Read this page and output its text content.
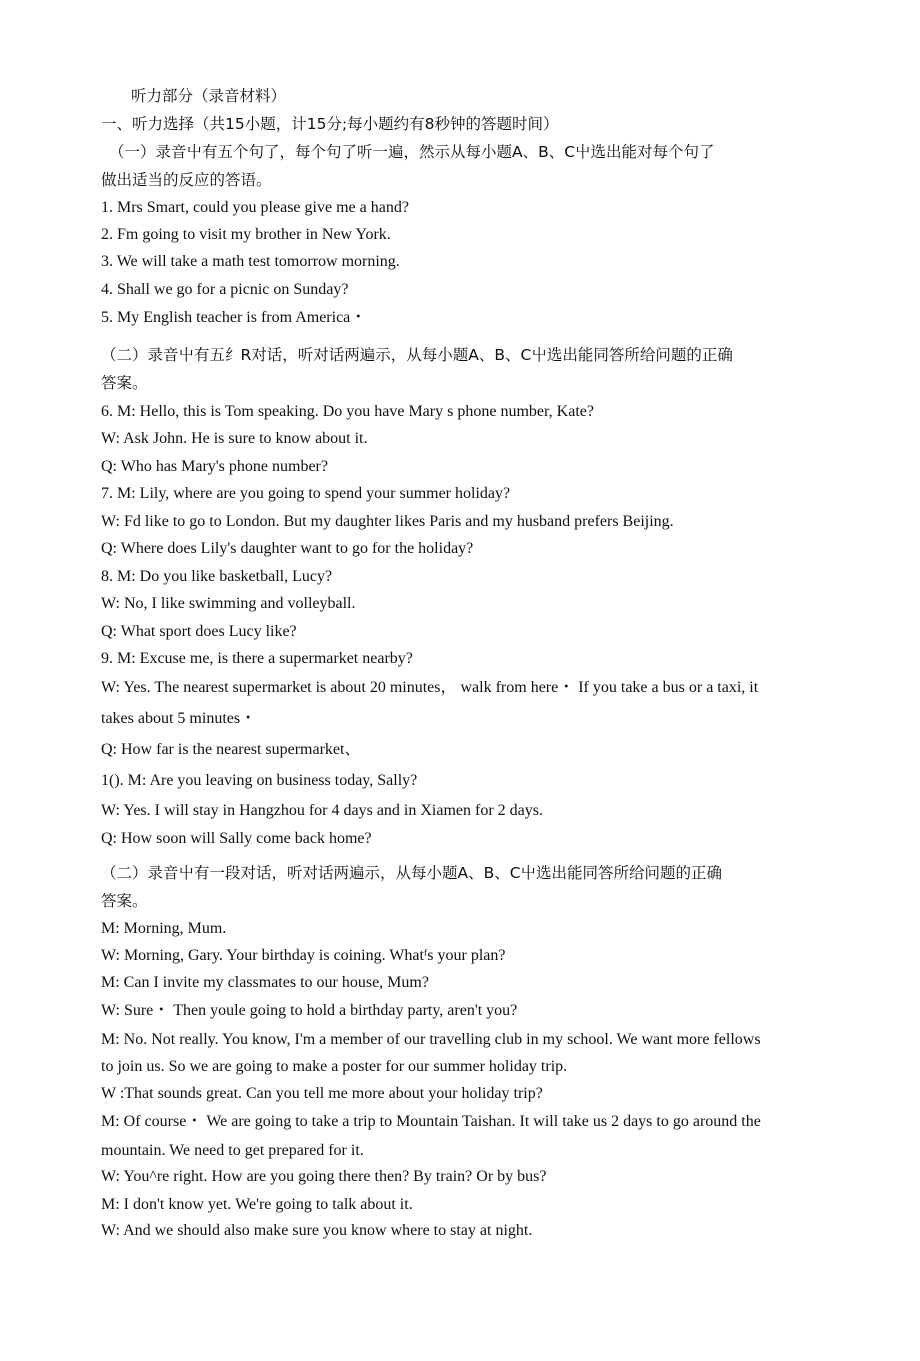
听力部分（录音材料）
一、听力选择（共15小题，计15分;每小题约有8秒钟的答题时间）
（一）录音屮有五个句了，每个句了听一遍，然示从每小题A、B、C屮选出能对每个句了
做出适当的反应的答语。
1. Mrs Smart, could you please give me a hand?
2. Fm going to visit my brother in New York.
3. We will take a math test tomorrow morning.
4. Shall we go for a picnic on Sunday?
5. My English teacher is from America・
（二）录音屮有五纟R对话，听对话两遍示，从每小题A、B、C屮选出能同答所给问题的正确
答案。
6. M: Hello, this is Tom speaking. Do you have Mary s phone number, Kate?
W: Ask John. He is sure to know about it.
Q: Who has Mary's phone number?
7. M: Lily, where are you going to spend your summer holiday?
W: Fd like to go to London. But my daughter likes Paris and my husband prefers Beijing.
Q: Where does Lily's daughter want to go for the holiday?
8. M: Do you like basketball, Lucy?
W: No, I like swimming and volleyball.
Q: What sport does Lucy like?
9. M: Excuse me, is there a supermarket nearby?
W: Yes. The nearest supermarket is about 20 minutes， walk from here・ If you take a bus or a taxi, it
takes about 5 minutes・
Q: How far is the nearest supermarket、
1(). M: Are you leaving on business today, Sally?
W: Yes. I will stay in Hangzhou for 4 days and in Xiamen for 2 days.
Q: How soon will Sally come back home?
（二）录音屮有一段对话，听对话两遍示，从每小题A、B、C屮选出能同答所给问题的正确
答案。
M: Morning, Mum.
W: Morning, Gary. Your birthday is coining. Whatᶠs your plan?
M: Can I invite my classmates to our house, Mum?
W: Sure・ Then youle going to hold a birthday party, aren't you?
M: No. Not really. You know, I'm a member of our travelling club in my school. We want more fellows
to join us. So we are going to make a poster for our summer holiday trip.
W :That sounds great. Can you tell me more about your holiday trip?
M: Of course・ We are going to take a trip to Mountain Taishan. It will take us 2 days to go around the
mountain. We need to get prepared for it.
W: You^re right. How are you going there then? By train? Or by bus?
M: I don't know yet. We're going to talk about it.
W: And we should also make sure you know where to stay at night.
